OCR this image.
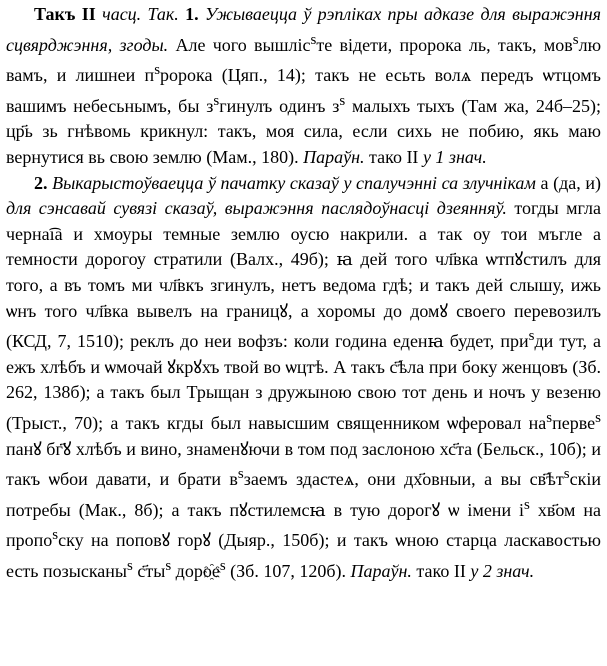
Такъ II часц. Так. 1. Ужываецца ў рэпліках пры адказе для выражэння сцвярджэння, згоды. Але чого вышліс$^s$те відети, пророка ль, такъ, мов$^s$лю вамъ, и лишнеи $п^sророка$ (Цяп., 14); такъ не есьть волѧ передъ ѡтцомъ вашимъ небесьнымъ, бы $з^sгинулъ$ одинъ $з^s$ малыхъ тыхъ (Там жа, 24б–25); цр҃ь зь гнѣвомь крикнул: такъ, моя сила, если сихь не побию, якь маю вернутися вь свою землю (Мам., 180). Параўн. тако II у 1 знач.

2. Выкарыстоўваецца ў пачатку сказаў у спалучэнні са злучнікам а (да, и) для сэнсавай сувязі сказаў, выражэння паслядоўнасці дзеянняў. тогды мгла черна͡ıа и хмоуры темные землю оусю накрили. а так оу тои мъгле а темности дорогоу стратили (Валх., 49б); ꙗ дей того чл҃вка ѡтпꙋстилъ для того, а въ томъ ми чл҃вкъ згинулъ, нетъ ведома гдѣ; и такъ дей слышу, ижь ѡнъ того чл҃вка вывелъ на границꙋ, а хоромы до домꙋ своего перевозилъ (КСД, 7, 1510); реклъ до неи вофзъ: коли година еденꙗ будет, при$^s$ди тут, а ежъ хлѣбъ и ѡмочай ꙋкрꙋхъ твой во ѡцтѣ. А такъ с҃ѣла при боку женцовъ (Зб. 262, 138б); а такъ был Трыщан з дружыною свою тот день и ночъ у везеню (Трыст., 70); а такъ кгды был навысшим священником ѡферовал $на^sперве^s$ панꙋ бг҃ꙋ хлѣбъ и вино, знаменꙋючи в том под заслоною хс҃та (Бельск., 10б); и такъ ѡбои давати, и брати $в^sзаемъ$ здастеѧ, они дх҃овныи, а вы $св҃ѣт^sскіи$ потребы (Мак., 8б); а такъ пꙋстилемсꙗ в тую дорогꙋ ѡ імени $і^s$ хв҃ом на пропо$^s$ску на поповꙋ горꙋ (Дыяр., 150б); и такъ ѡною старца ласкавостью есть позысканы$^s$ $с҃ты^s$ $доро҈е^s$ (Зб. 107, 120б). Параўн. тако II у 2 знач.
